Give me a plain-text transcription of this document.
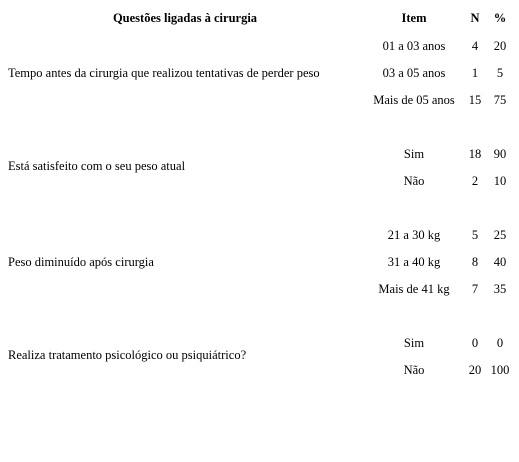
Questões ligadas à cirurgia	Item	N %
Tempo antes da cirurgia que realizou tentativas de perder peso
01 a 03 anos 4 20
03 a 05 anos 1 5
Mais de 05 anos 15 75
Está satisfeito com o seu peso atual
Sim	18 90
Não	2 10
Peso diminuído após cirurgia
21 a 30 kg	5 25
31 a 40 kg	8 40
Mais de 41 kg 7 35
Realiza tratamento psicológico ou psiquiátrico?
Sim	0 0
Não	20 100
